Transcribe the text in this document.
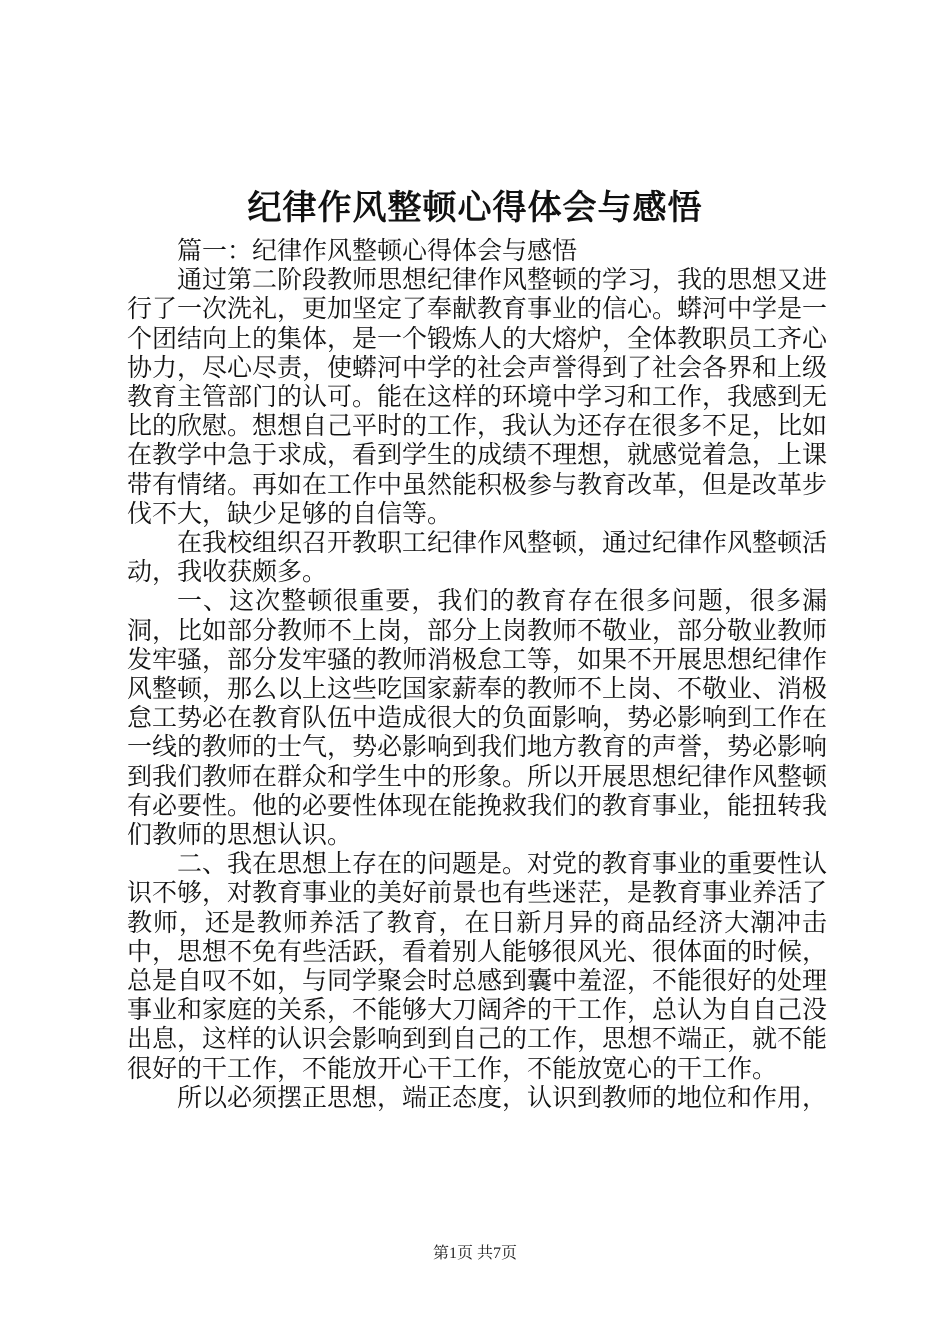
纪律作风整顿心得体会与感悟

篇一：纪律作风整顿心得体会与感悟

通过第二阶段教师思想纪律作风整顿的学习，我的思想又进行了一次洗礼，更加坚定了奉献教育事业的信心。蟒河中学是一个团结向上的集体，是一个锻炼人的大熔炉，全体教职员工齐心协力，尽心尽责，使蟒河中学的社会声誉得到了社会各界和上级教育主管部门的认可。能在这样的环境中学习和工作，我感到无比的欣慰。想想自己平时的工作，我认为还存在很多不足，比如在教学中急于求成，看到学生的成绩不理想，就感觉着急，上课带有情绪。再如在工作中虽然能积极参与教育改革，但是改革步伐不大，缺少足够的自信等。

在我校组织召开教职工纪律作风整顿，通过纪律作风整顿活动，我收获颇多。

一、这次整顿很重要，我们的教育存在很多问题，很多漏洞，比如部分教师不上岗，部分上岗教师不敬业，部分敬业教师发牢骚，部分发牢骚的教师消极怠工等，如果不开展思想纪律作风整顿，那么以上这些吃国家薪奉的教师不上岗、不敬业、消极怠工势必在教育队伍中造成很大的负面影响，势必影响到工作在一线的教师的士气，势必影响到我们地方教育的声誉，势必影响到我们教师在群众和学生中的形象。所以开展思想纪律作风整顿有必要性。他的必要性体现在能挽救我们的教育事业，能扭转我们教师的思想认识。

二、我在思想上存在的问题是。对党的教育事业的重要性认识不够，对教育事业的美好前景也有些迷茫，是教育事业养活了教师，还是教师养活了教育，在日新月异的商品经济大潮冲击中，思想不免有些活跃，看着别人能够很风光、很体面的时候，总是自叹不如，与同学聚会时总感到囊中羞涩，不能很好的处理事业和家庭的关系，不能够大刀阔斧的干工作，总认为自自己没出息，这样的认识会影响到到自己的工作，思想不端正，就不能很好的干工作，不能放开心干工作，不能放宽心的干工作。

所以必须摆正思想，端正态度，认识到教师的地位和作用，

第1页 共7页
